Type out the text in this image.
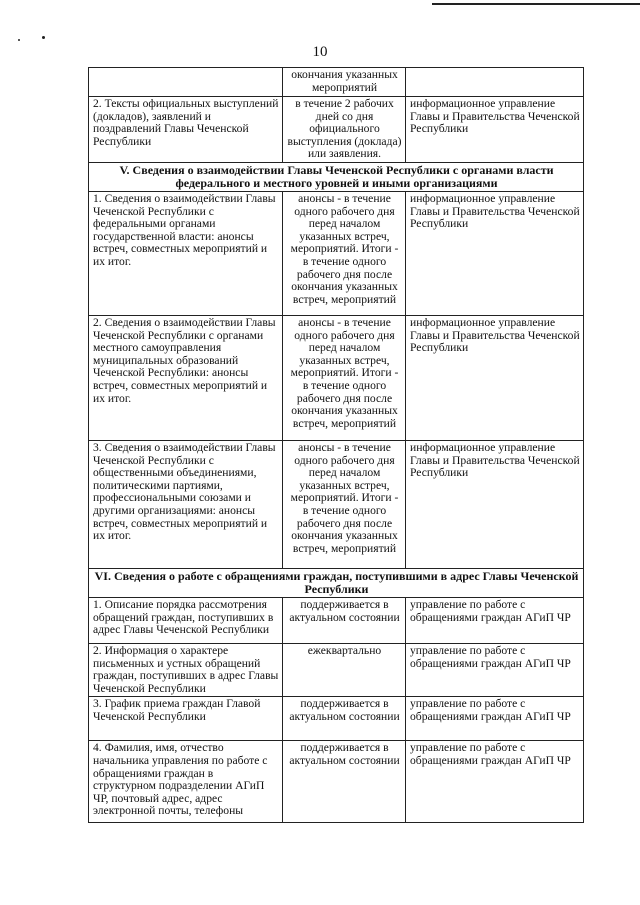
10
	окончания указанных мероприятий	
2. Тексты официальных выступлений (докладов), заявлений и поздравлений Главы Чеченской Республики	в течение 2 рабочих дней со дня официального выступления (доклада) или заявления.	информационное управление Главы и Правительства Чеченской Республики
V. Сведения о взаимодействии Главы Чеченской Республики с органами власти федерального и местного уровней и иными организациями		
1. Сведения о взаимодействии Главы Чеченской Республики с федеральными органами государственной власти: анонсы встреч, совместных мероприятий и их итог.	анонсы - в течение одного рабочего дня перед началом указанных встреч, мероприятий. Итоги - в течение одного рабочего дня после окончания указанных встреч, мероприятий	информационное управление Главы и Правительства Чеченской Республики
2. Сведения о взаимодействии Главы Чеченской Республики с органами местного самоуправления муниципальных образований Чеченской Республики: анонсы встреч, совместных мероприятий и их итог.	анонсы - в течение одного рабочего дня перед началом указанных встреч, мероприятий. Итоги - в течение одного рабочего дня после окончания указанных встреч, мероприятий	информационное управление Главы и Правительства Чеченской Республики
3. Сведения о взаимодействии Главы Чеченской Республики с общественными объединениями, политическими партиями, профессиональными союзами и другими организациями: анонсы встреч, совместных мероприятий и их итог.	анонсы - в течение одного рабочего дня перед началом указанных встреч, мероприятий. Итоги - в течение одного рабочего дня после окончания указанных встреч, мероприятий	информационное управление Главы и Правительства Чеченской Республики
VI. Сведения о работе с обращениями граждан, поступившими в адрес Главы Чеченской Республики		
1. Описание порядка рассмотрения обращений граждан, поступивших в адрес Главы Чеченской Республики	поддерживается в актуальном состоянии	управление по работе с обращениями граждан АГиП ЧР
2. Информация о характере письменных и устных обращений граждан, поступивших в адрес Главы Чеченской Республики	ежеквартально	управление по работе с обращениями граждан АГиП ЧР
3. График приема граждан Главой Чеченской Республики	поддерживается в актуальном состоянии	управление по работе с обращениями граждан АГиП ЧР
4. Фамилия, имя, отчество начальника управления по работе с обращениями граждан в структурном подразделении АГиП ЧР, почтовый адрес, адрес электронной почты, телефоны	поддерживается в актуальном состоянии	управление по работе с обращениями граждан АГиП ЧР
